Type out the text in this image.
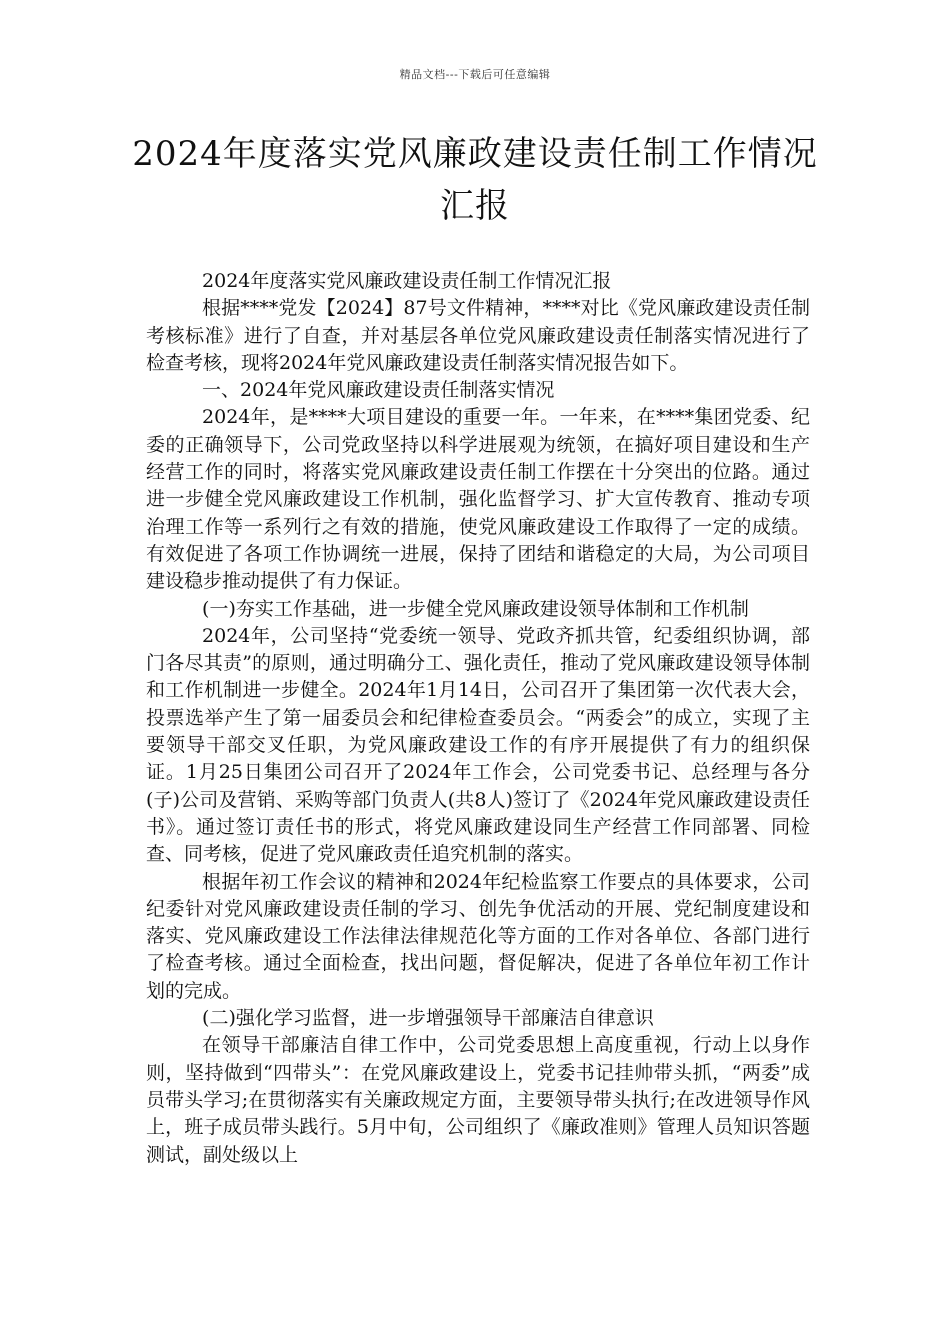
精品文档---下载后可任意编辑
2024年度落实党风廉政建设责任制工作情况汇报

2024年度落实党风廉政建设责任制工作情况汇报

根据****党发【2024】87号文件精神，****对比《党风廉政建设责任制考核标准》进行了自查，并对基层各单位党风廉政建设责任制落实情况进行了检查考核，现将2024年党风廉政建设责任制落实情况报告如下。

一、2024年党风廉政建设责任制落实情况

2024年，是****大项目建设的重要一年。一年来，在****集团党委、纪委的正确领导下，公司党政坚持以科学进展观为统领，在搞好项目建设和生产经营工作的同时，将落实党风廉政建设责任制工作摆在十分突出的位路。通过进一步健全党风廉政建设工作机制，强化监督学习、扩大宣传教育、推动专项治理工作等一系列行之有效的措施，使党风廉政建设工作取得了一定的成绩。有效促进了各项工作协调统一进展，保持了团结和谐稳定的大局，为公司项目建设稳步推动提供了有力保证。

(一)夯实工作基础，进一步健全党风廉政建设领导体制和工作机制

2024年，公司坚持“党委统一领导、党政齐抓共管，纪委组织协调，部门各尽其责”的原则，通过明确分工、强化责任，推动了党风廉政建设领导体制和工作机制进一步健全。2024年1月14日，公司召开了集团第一次代表大会，投票选举产生了第一届委员会和纪律检查委员会。“两委会”的成立，实现了主要领导干部交叉任职，为党风廉政建设工作的有序开展提供了有力的组织保证。1月25日集团公司召开了2024年工作会，公司党委书记、总经理与各分(子)公司及营销、采购等部门负责人(共8人)签订了《2024年党风廉政建设责任书》。通过签订责任书的形式，将党风廉政建设同生产经营工作同部署、同检查、同考核，促进了党风廉政责任追究机制的落实。

根据年初工作会议的精神和2024年纪检监察工作要点的具体要求，公司纪委针对党风廉政建设责任制的学习、创先争优活动的开展、党纪制度建设和落实、党风廉政建设工作法律法律规范化等方面的工作对各单位、各部门进行了检查考核。通过全面检查，找出问题，督促解决，促进了各单位年初工作计划的完成。

(二)强化学习监督，进一步增强领导干部廉洁自律意识

在领导干部廉洁自律工作中，公司党委思想上高度重视，行动上以身作则，坚持做到“四带头”：在党风廉政建设上，党委书记挂帅带头抓，“两委”成员带头学习;在贯彻落实有关廉政规定方面，主要领导带头执行;在改进领导作风上，班子成员带头践行。5月中旬，公司组织了《廉政准则》管理人员知识答题测试，副处级以上
